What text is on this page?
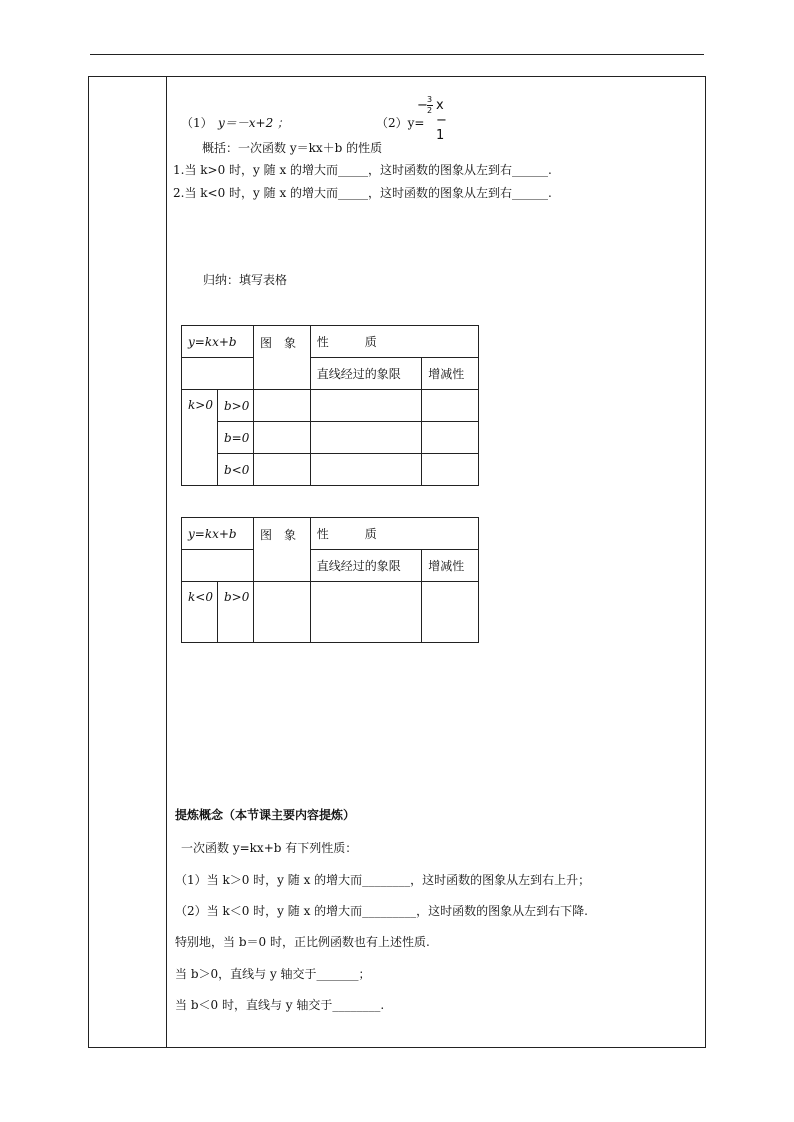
（1） y＝－x+2 ；	（2）y=
− 3
2 x − 1
概括：一次函数 y＝kx＋b 的性质
1.当 k>0 时，y 随 x 的增大而_____，这时函数的图象从左到右______.
2.当 k<0 时，y 随 x 的增大而_____，这时函数的图象从左到右______.
归纳：填写表格
y=kx+b		图　象	性　　　质	
			直线经过的象限	增减性
k>0	b>0			
	b=0			
	b<0			
y=kx+b		图　象	性　　　质	
			直线经过的象限	增减性
k<0	b>0			
提炼概念（本节课主要内容提炼）
一次函数 y=kx+b 有下列性质：
（1）当 k＞0 时，y 随 x 的增大而________，这时函数的图象从左到右上升；
（2）当 k＜0 时，y 随 x 的增大而_________，这时函数的图象从左到右下降.
特别地，当 b＝0 时，正比例函数也有上述性质.
当 b＞0，直线与 y 轴交于_______；
当 b＜0 时，直线与 y 轴交于________.
